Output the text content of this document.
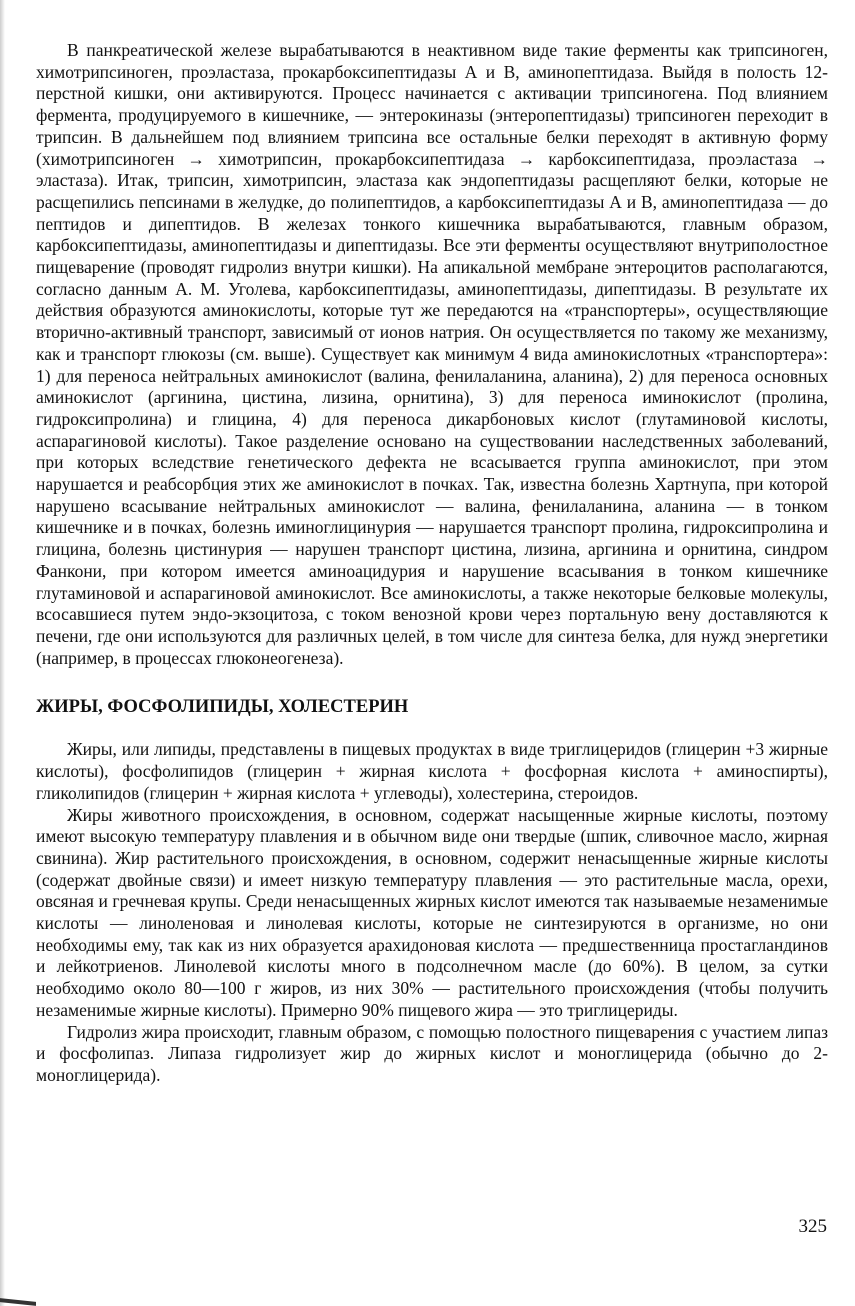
В панкреатической железе вырабатываются в неактивном виде такие ферменты как трипсиноген, химотрипсиноген, проэластаза, прокарбоксипептидазы А и В, аминопептидаза. Выйдя в полость 12-перстной кишки, они активируются. Процесс начинается с активации трипсиногена. Под влиянием фермента, продуцируемого в кишечнике, — энтерокиназы (энтеропептидазы) трипсиноген переходит в трипсин. В дальнейшем под влиянием трипсина все остальные белки переходят в активную форму (химотрипсиноген → химотрипсин, прокарбоксипептидаза → карбоксипептидаза, проэластаза → эластаза). Итак, трипсин, химотрипсин, эластаза как эндопептидазы расщепляют белки, которые не расщепились пепсинами в желудке, до полипептидов, а карбоксипептидазы А и В, аминопептидаза — до пептидов и дипептидов. В железах тонкого кишечника вырабатываются, главным образом, карбоксипептидазы, аминопептидазы и дипептидазы. Все эти ферменты осуществляют внутриполостное пищеварение (проводят гидролиз внутри кишки). На апикальной мембране энтероцитов располагаются, согласно данным А. М. Уголева, карбоксипептидазы, аминопептидазы, дипептидазы. В результате их действия образуются аминокислоты, которые тут же передаются на «транспортеры», осуществляющие вторично-активный транспорт, зависимый от ионов натрия. Он осуществляется по такому же механизму, как и транспорт глюкозы (см. выше). Существует как минимум 4 вида аминокислотных «транспортера»: 1) для переноса нейтральных аминокислот (валина, фенилаланина, аланина), 2) для переноса основных аминокислот (аргинина, цистина, лизина, орнитина), 3) для переноса иминокислот (пролина, гидроксипролина) и глицина, 4) для переноса дикарбоновых кислот (глутаминовой кислоты, аспарагиновой кислоты). Такое разделение основано на существовании наследственных заболеваний, при которых вследствие генетического дефекта не всасывается группа аминокислот, при этом нарушается и реабсорбция этих же аминокислот в почках. Так, известна болезнь Хартнупа, при которой нарушено всасывание нейтральных аминокислот — валина, фенилаланина, аланина — в тонком кишечнике и в почках, болезнь иминоглицинурия — нарушается транспорт пролина, гидроксипролина и глицина, болезнь цистинурия — нарушен транспорт цистина, лизина, аргинина и орнитина, синдром Фанкони, при котором имеется аминоацидурия и нарушение всасывания в тонком кишечнике глутаминовой и аспарагиновой аминокислот. Все аминокислоты, а также некоторые белковые молекулы, всосавшиеся путем эндо-экзоцитоза, с током венозной крови через портальную вену доставляются к печени, где они используются для различных целей, в том числе для синтеза белка, для нужд энергетики (например, в процессах глюконеогенеза).

ЖИРЫ, ФОСФОЛИПИДЫ, ХОЛЕСТЕРИН

Жиры, или липиды, представлены в пищевых продуктах в виде триглицеридов (глицерин +3 жирные кислоты), фосфолипидов (глицерин + жирная кислота + фосфорная кислота + аминоспирты), гликолипидов (глицерин + жирная кислота + углеводы), холестерина, стероидов.

Жиры животного происхождения, в основном, содержат насыщенные жирные кислоты, поэтому имеют высокую температуру плавления и в обычном виде они твердые (шпик, сливочное масло, жирная свинина). Жир растительного происхождения, в основном, содержит ненасыщенные жирные кислоты (содержат двойные связи) и имеет низкую температуру плавления — это растительные масла, орехи, овсяная и гречневая крупы. Среди ненасыщенных жирных кислот имеются так называемые незаменимые кислоты — линоленовая и линолевая кислоты, которые не синтезируются в организме, но они необходимы ему, так как из них образуется арахидоновая кислота — предшественница простагландинов и лейкотриенов. Линолевой кислоты много в подсолнечном масле (до 60%). В целом, за сутки необходимо около 80—100 г жиров, из них 30% — растительного происхождения (чтобы получить незаменимые жирные кислоты). Примерно 90% пищевого жира — это триглицериды.

Гидролиз жира происходит, главным образом, с помощью полостного пищеварения с участием липаз и фосфолипаз. Липаза гидролизует жир до жирных кислот и моноглицерида (обычно до 2-моноглицерида).

325
